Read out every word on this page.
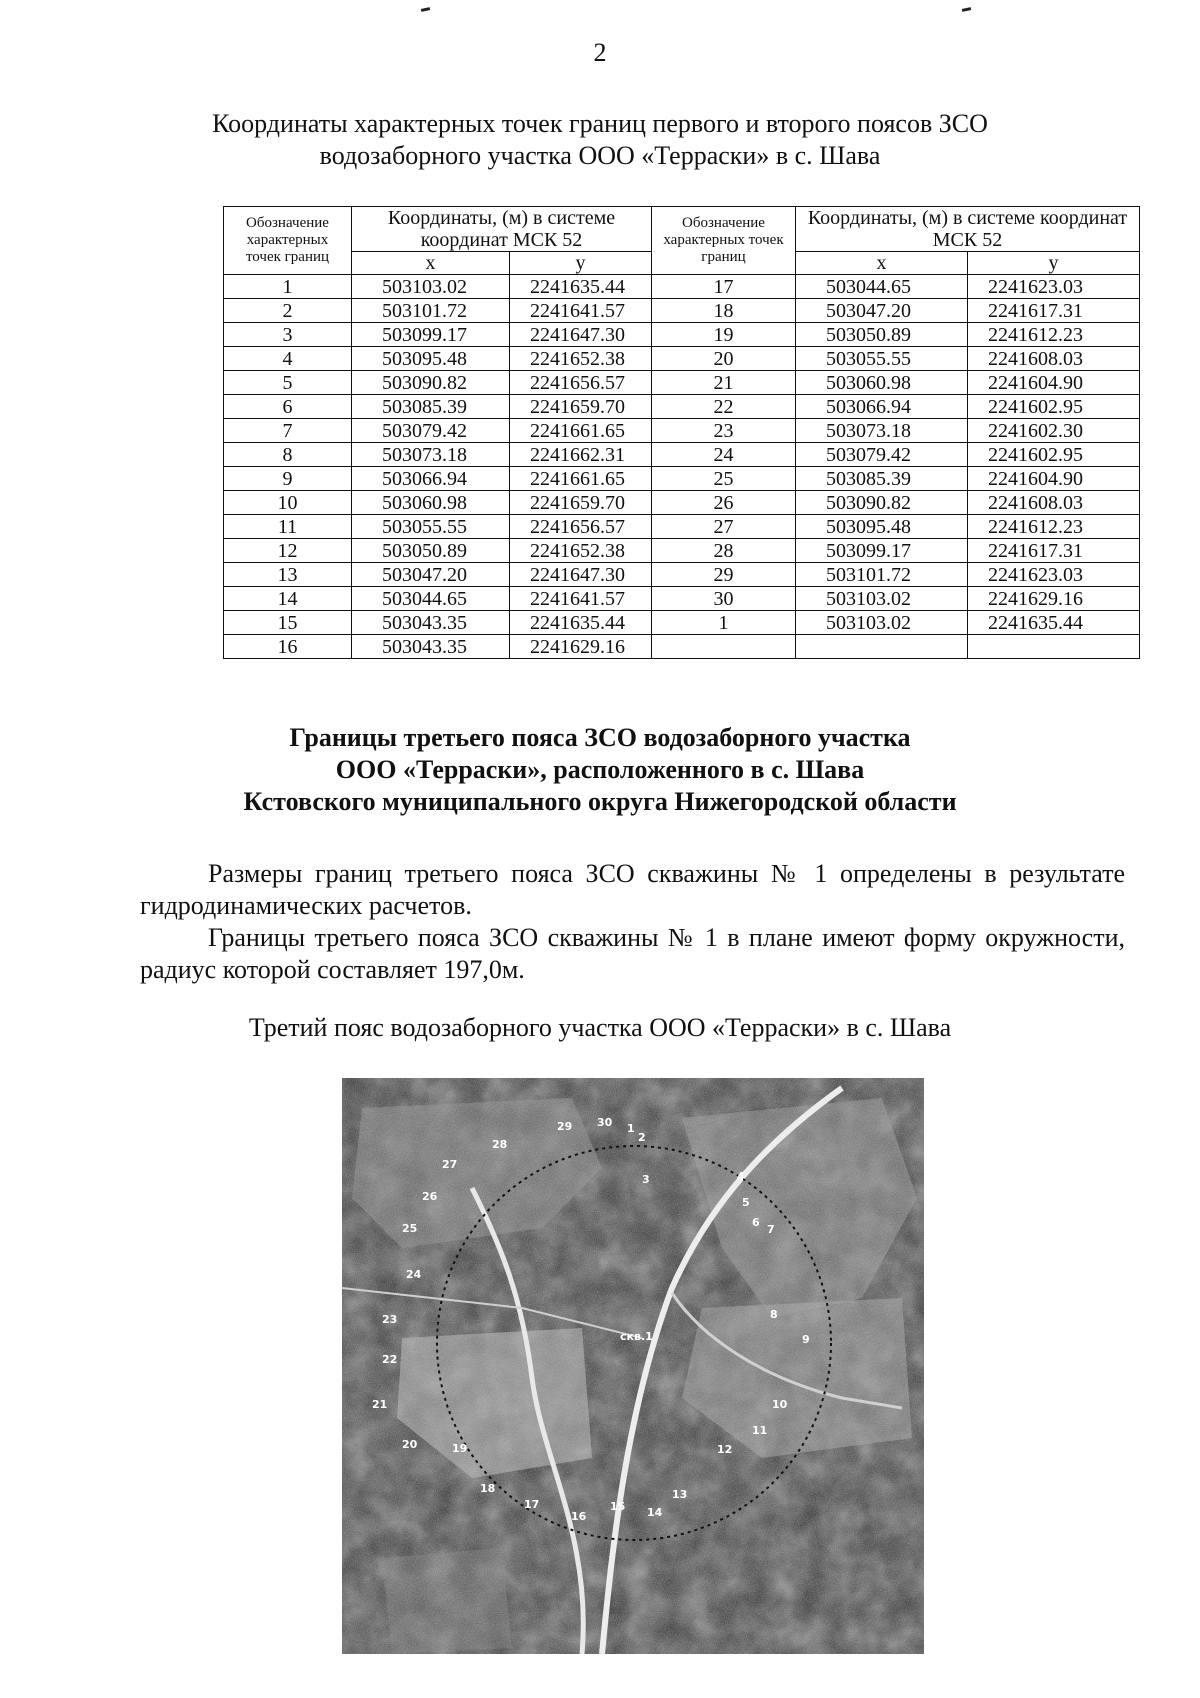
2
Координаты характерных точек границ первого и второго поясов ЗСО
водозаборного участка ООО «Терраски» в с. Шава
Обозначение характерных точек границ	Координаты, (м) в системе координат МСК 52		Обозначение характерных точек границ	Координаты, (м) в системе координат МСК 52	
	x	y		x	y
1	503103.02	2241635.44	17	503044.65	2241623.03
2	503101.72	2241641.57	18	503047.20	2241617.31
3	503099.17	2241647.30	19	503050.89	2241612.23
4	503095.48	2241652.38	20	503055.55	2241608.03
5	503090.82	2241656.57	21	503060.98	2241604.90
6	503085.39	2241659.70	22	503066.94	2241602.95
7	503079.42	2241661.65	23	503073.18	2241602.30
8	503073.18	2241662.31	24	503079.42	2241602.95
9	503066.94	2241661.65	25	503085.39	2241604.90
10	503060.98	2241659.70	26	503090.82	2241608.03
11	503055.55	2241656.57	27	503095.48	2241612.23
12	503050.89	2241652.38	28	503099.17	2241617.31
13	503047.20	2241647.30	29	503101.72	2241623.03
14	503044.65	2241641.57	30	503103.02	2241629.16
15	503043.35	2241635.44	1	503103.02	2241635.44
16	503043.35	2241629.16			
Границы третьего пояса ЗСО водозаборного участка
ООО «Терраски», расположенного в с. Шава
Кстовского муниципального округа Нижегородской области

Размеры границ третьего пояса ЗСО скважины № 1 определены в результате гидродинамических расчетов.

Границы третьего пояса ЗСО скважины № 1 в плане имеют форму окружности, радиус которой составляет 197,0м.

Третий пояс водозаборного участка ООО «Терраски» в с. Шава
скв.1
1
2
3	4
5
6
7
8
9
10
11
12
13
14
15
16
17
18
19
20
21
22
23
24
25
26
27
28
29 30
